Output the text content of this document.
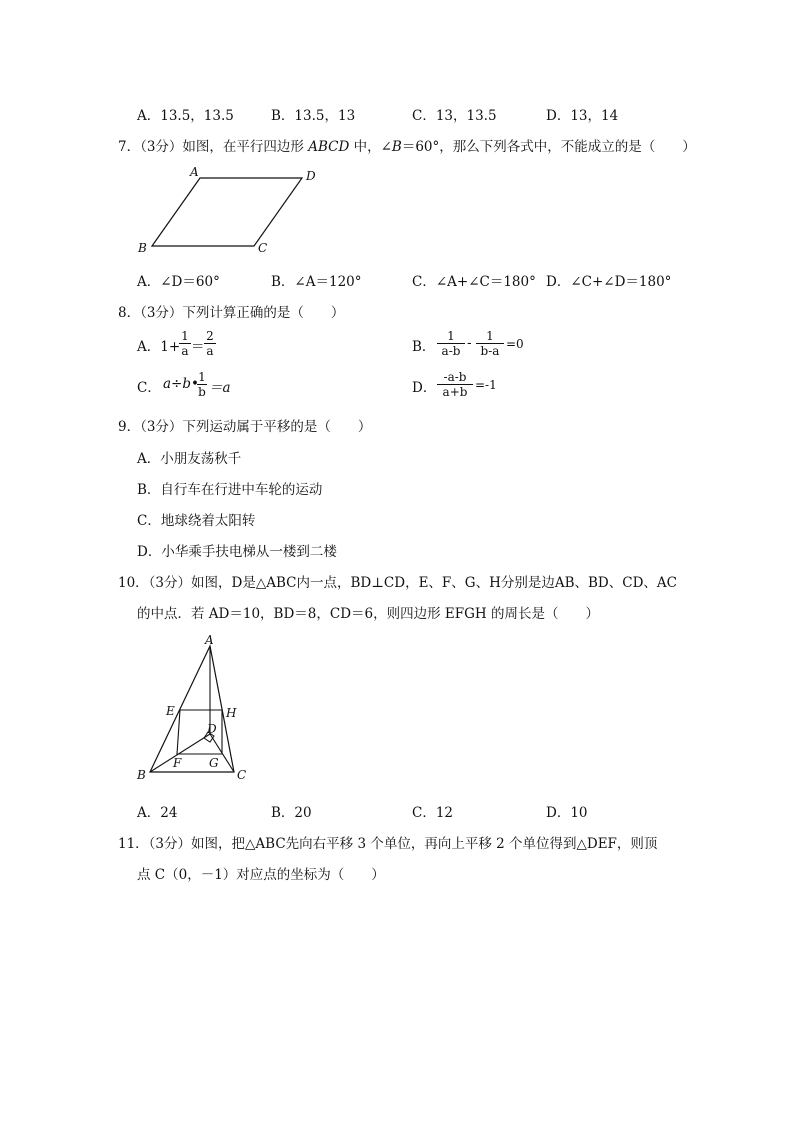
A．13.5，13.5	B．13.5，13	C．13，13.5	D．13，14
7．（3分）如图，在平行四边形 ABCD 中，∠B＝60°，那么下列各式中，不能成立的是（　　）
A	D
B	C
A．∠D＝60°	B．∠A＝120°	C．∠A+∠C＝180° D．∠C+∠D＝180°
8．（3分）下列计算正确的是（　　）
A．1+
$\frac{1}{a} = \frac{2}{a}$	B． $\frac{1}{a-b} - \frac{1}{b-a} =0$
C． a÷b•
$\frac{1}{b} =a$	D． $\frac{-a-b}{a+b} =-1$
9．（3分）下列运动属于平移的是（　　）
A．小朋友荡秋千
B．自行车在行进中车轮的运动
C．地球绕着太阳转
D．小华乘手扶电梯从一楼到二楼
10．（3分）如图，D是△ABC内一点，BD⊥CD，E、F、G、H分别是边AB、BD、CD、AC
的中点．若 AD＝10，BD＝8，CD＝6，则四边形 EFGH 的周长是（　　）
A
E	H
D
F G
B	C
A．24	B．20	C．12	D．10
11．（3分）如图，把△ABC先向右平移 3 个单位，再向上平移 2 个单位得到△DEF，则顶
点 C（0，－1）对应点的坐标为（　　）
